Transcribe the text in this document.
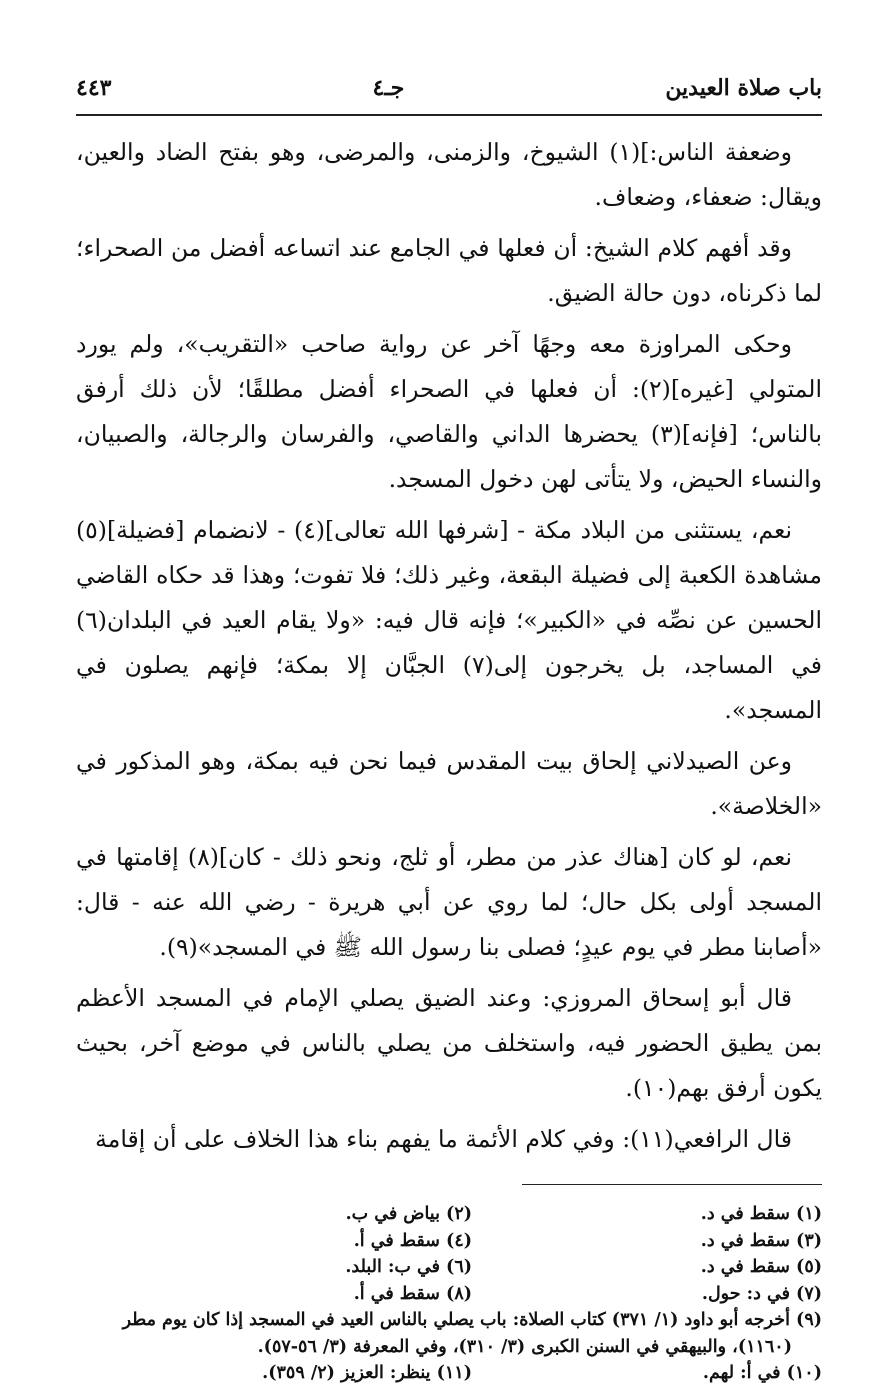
باب صلاة العيدين
جـ٤
٤٤٣

وضعفة الناس:](١) الشيوخ، والزمنى، والمرضى، وهو بفتح الضاد والعين، ويقال: ضعفاء، وضعاف.

وقد أفهم كلام الشيخ: أن فعلها في الجامع عند اتساعه أفضل من الصحراء؛ لما ذكرناه، دون حالة الضيق.

وحكى المراوزة معه وجهًا آخر عن رواية صاحب «التقريب»، ولم يورد المتولي [غيره](٢): أن فعلها في الصحراء أفضل مطلقًا؛ لأن ذلك أرفق بالناس؛ [فإنه](٣) يحضرها الداني والقاصي، والفرسان والرجالة، والصبيان، والنساء الحيض، ولا يتأتى لهن دخول المسجد.

نعم، يستثنى من البلاد مكة - [شرفها الله تعالى](٤) - لانضمام [فضيلة](٥) مشاهدة الكعبة إلى فضيلة البقعة، وغير ذلك؛ فلا تفوت؛ وهذا قد حكاه القاضي الحسين عن نصِّه في «الكبير»؛ فإنه قال فيه: «ولا يقام العيد في البلدان(٦) في المساجد، بل يخرجون إلى(٧) الجبَّان إلا بمكة؛ فإنهم يصلون في المسجد».

وعن الصيدلاني إلحاق بيت المقدس فيما نحن فيه بمكة، وهو المذكور في «الخلاصة».

نعم، لو كان [هناك عذر من مطر، أو ثلج، ونحو ذلك - كان](٨) إقامتها في المسجد أولى بكل حال؛ لما روي عن أبي هريرة - رضي الله عنه - قال: «أصابنا مطر في يوم عيدٍ؛ فصلى بنا رسول الله ﷺ في المسجد»(٩).

قال أبو إسحاق المروزي: وعند الضيق يصلي الإمام في المسجد الأعظم بمن يطيق الحضور فيه، واستخلف من يصلي بالناس في موضع آخر، بحيث يكون أرفق بهم(١٠).

قال الرافعي(١١): وفي كلام الأئمة ما يفهم بناء هذا الخلاف على أن إقامة

(١) سقط في د.
(٢) بياض في ب.
(٣) سقط في د.
(٤) سقط في أ.
(٥) سقط في د.
(٦) في ب: البلد.
(٧) في د: حول.
(٨) سقط في أ.
(٩) أخرجه أبو داود (١/ ٣٧١) كتاب الصلاة: باب يصلي بالناس العيد في المسجد إذا كان يوم مطر
(١١٦٠)، والبيهقي في السنن الكبرى (٣/ ٣١٠)، وفي المعرفة (٣/ ٥٦-٥٧).
(١٠) في أ: لهم.
(١١) ينظر: العزيز (٢/ ٣٥٩).
